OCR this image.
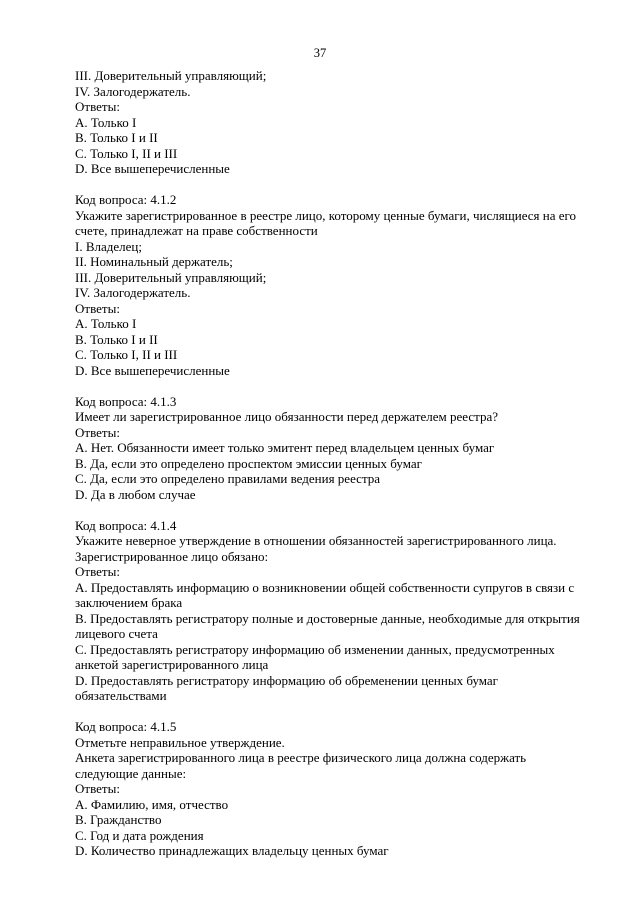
37
III. Доверительный управляющий;
IV. Залогодержатель.
Ответы:
A. Только I
B. Только I и II
C. Только I, II и III
D. Все вышеперечисленные
Код вопроса: 4.1.2
Укажите зарегистрированное в реестре лицо, которому ценные бумаги, числящиеся на его
счете, принадлежат на праве собственности
I. Владелец;
II. Номинальный держатель;
III. Доверительный управляющий;
IV. Залогодержатель.
Ответы:
A. Только I
B. Только I и II
C. Только I, II и III
D. Все вышеперечисленные
Код вопроса: 4.1.3
Имеет ли зарегистрированное лицо обязанности перед держателем реестра?
Ответы:
A. Нет. Обязанности имеет только эмитент перед владельцем ценных бумаг
B. Да, если это определено проспектом эмиссии ценных бумаг
C. Да, если это определено правилами ведения реестра
D. Да в любом случае
Код вопроса: 4.1.4
Укажите неверное утверждение в отношении обязанностей зарегистрированного лица.
Зарегистрированное лицо обязано:
Ответы:
A. Предоставлять информацию о возникновении общей собственности супругов в связи с
заключением брака
B. Предоставлять регистратору полные и достоверные данные, необходимые для открытия
лицевого счета
C. Предоставлять регистратору информацию об изменении данных, предусмотренных
анкетой зарегистрированного лица
D. Предоставлять регистратору информацию об обременении ценных бумаг
обязательствами
Код вопроса: 4.1.5
Отметьте неправильное утверждение.
Анкета зарегистрированного лица в реестре физического лица должна содержать
следующие данные:
Ответы:
A. Фамилию, имя, отчество
B. Гражданство
C. Год и дата рождения
D. Количество принадлежащих владельцу ценных бумаг
